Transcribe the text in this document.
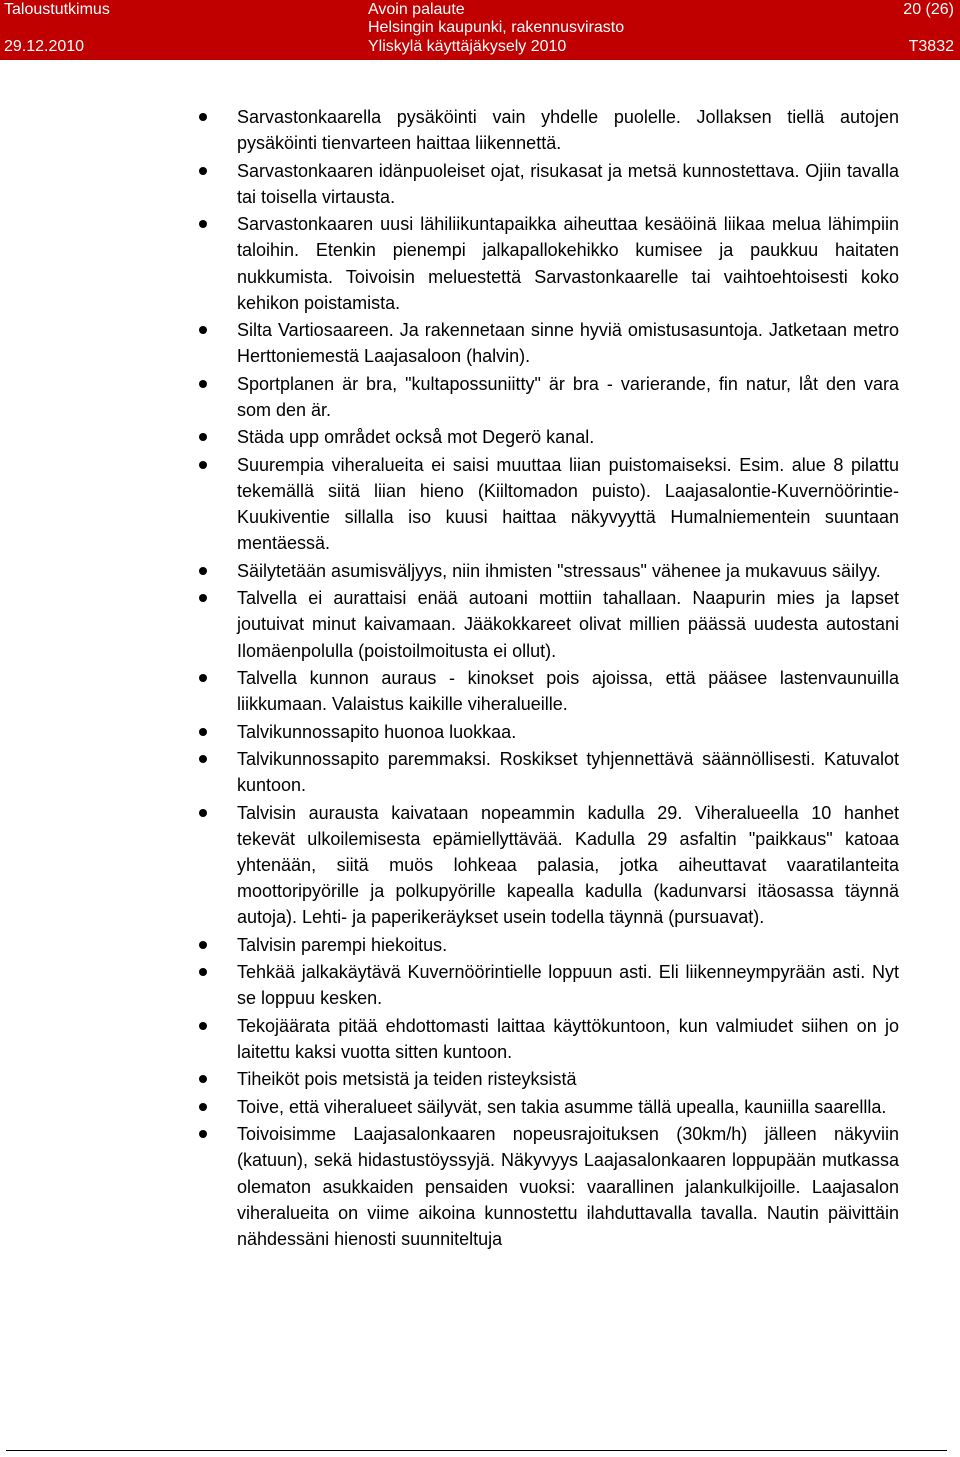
Taloustutkimus
29.12.2010
Avoin palaute
Helsingin kaupunki, rakennusvirasto
Yliskylä käyttäjäkysely 2010
20 (26)
T3832
Sarvastonkaarella pysäköinti vain yhdelle puolelle. Jollaksen tiellä autojen pysäköinti tienvarteen haittaa liikennettä.
Sarvastonkaaren idänpuoleiset ojat, risukasat ja metsä kunnostettava. Ojiin tavalla tai toisella virtausta.
Sarvastonkaaren uusi lähiliikuntapaikka aiheuttaa kesäöinä liikaa melua lähimpiin taloihin. Etenkin pienempi jalkapallokehikko kumisee ja paukkuu haitaten nukkumista. Toivoisin meluestettä Sarvastonkaarelle tai vaihtoehtoisesti koko kehikon poistamista.
Silta Vartiosaareen. Ja rakennetaan sinne hyviä omistusasuntoja. Jatketaan metro Herttoniemestä Laajasaloon (halvin).
Sportplanen är bra, "kultapossuniitty" är bra - varierande, fin natur, låt den vara som den är.
Städa upp området också mot Degerö kanal.
Suurempia viheralueita ei saisi muuttaa liian puistomaiseksi. Esim. alue 8 pilattu tekemällä siitä liian hieno (Kiiltomadon puisto). Laajasalontie-Kuvernöörintie-Kuukiventie sillalla iso kuusi haittaa näkyvyyttä Humalniementein suuntaan mentäessä.
Säilytetään asumisväljyys, niin ihmisten "stressaus" vähenee ja mukavuus säilyy.
Talvella ei aurattaisi enää autoani mottiin tahallaan. Naapurin mies ja lapset joutuivat minut kaivamaan. Jääkokkareet olivat millien päässä uudesta autostani Ilomäenpolulla (poistoilmoitusta ei ollut).
Talvella kunnon auraus - kinokset pois ajoissa, että pääsee lastenvaunuilla liikkumaan. Valaistus kaikille viheralueille.
Talvikunnossapito huonoa luokkaa.
Talvikunnossapito paremmaksi. Roskikset tyhjennettävä säännöllisesti. Katuvalot kuntoon.
Talvisin aurausta kaivataan nopeammin kadulla 29. Viheralueella 10 hanhet tekevät ulkoilemisesta epämiellyttävää. Kadulla 29 asfaltin "paikkaus" katoaa yhtenään, siitä muös lohkeaa palasia, jotka aiheuttavat vaaratilanteita moottoripyörille ja polkupyörille kapealla kadulla (kadunvarsi itäosassa täynnä autoja). Lehti- ja paperikeräykset usein todella täynnä (pursuavat).
Talvisin parempi hiekoitus.
Tehkää jalkakäytävä Kuvernöörintielle loppuun asti. Eli liikenneympyrään asti. Nyt se loppuu kesken.
Tekojäärata pitää ehdottomasti laittaa käyttökuntoon, kun valmiudet siihen on jo laitettu kaksi vuotta sitten kuntoon.
Tiheiköt pois metsistä ja teiden risteyksistä
Toive, että viheralueet säilyvät, sen takia asumme tällä upealla, kauniilla saarellla.
Toivoisimme Laajasalonkaaren nopeusrajoituksen (30km/h) jälleen näkyviin (katuun), sekä hidastustöyssyjä. Näkyvyys Laajasalonkaaren loppupään mutkassa olematon asukkaiden pensaiden vuoksi: vaarallinen jalankulkijoille. Laajasalon viheralueita on viime aikoina kunnostettu ilahduttavalla tavalla. Nautin päivittäin nähdessäni hienosti suunniteltuja
